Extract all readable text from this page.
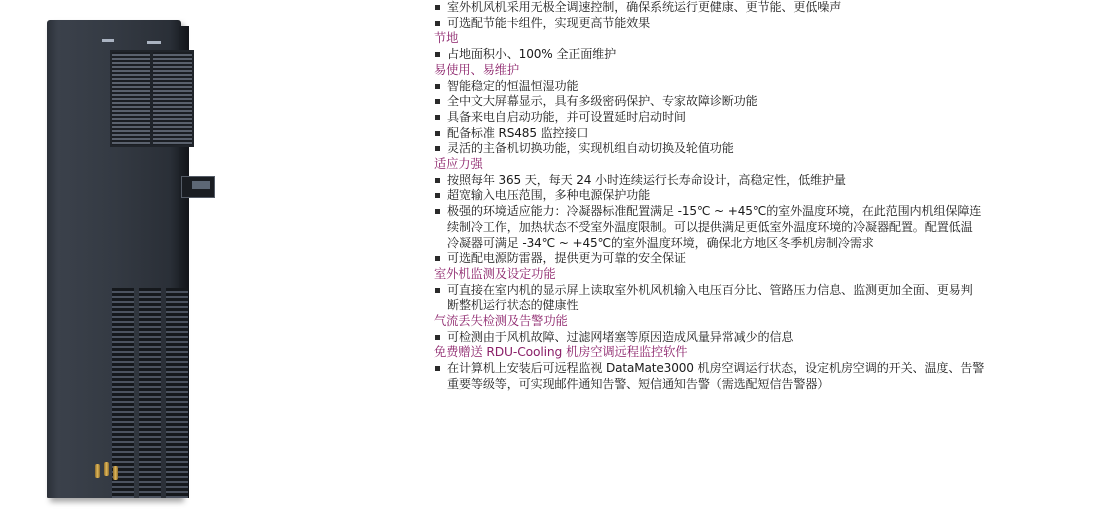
室外机风机采用无极全调速控制，确保系统运行更健康、更节能、更低噪声
可选配节能卡组件，实现更高节能效果
节地
占地面积小、100% 全正面维护
易使用、易维护
智能稳定的恒温恒湿功能
全中文大屏幕显示，具有多级密码保护、专家故障诊断功能
具备来电自启动功能，并可设置延时启动时间
配备标准 RS485 监控接口
灵活的主备机切换功能，实现机组自动切换及轮值功能
适应力强
按照每年 365 天，每天 24 小时连续运行长寿命设计，高稳定性，低维护量
超宽输入电压范围，多种电源保护功能
极强的环境适应能力：冷凝器标准配置满足 -15℃ ~ +45℃的室外温度环境，在此范围内机组保障连
续制冷工作，加热状态不受室外温度限制。可以提供满足更低室外温度环境的冷凝器配置。配置低温
冷凝器可满足 -34℃ ~ +45℃的室外温度环境，确保北方地区冬季机房制冷需求
可选配电源防雷器，提供更为可靠的安全保证
室外机监测及设定功能
可直接在室内机的显示屏上读取室外机风机输入电压百分比、管路压力信息、监测更加全面、更易判
断整机运行状态的健康性
气流丢失检测及告警功能
可检测由于风机故障、过滤网堵塞等原因造成风量异常减少的信息
免费赠送 RDU-Cooling 机房空调远程监控软件
在计算机上安装后可远程监视 DataMate3000 机房空调运行状态，设定机房空调的开关、温度、告警
重要等级等，可实现邮件通知告警、短信通知告警（需选配短信告警器）
